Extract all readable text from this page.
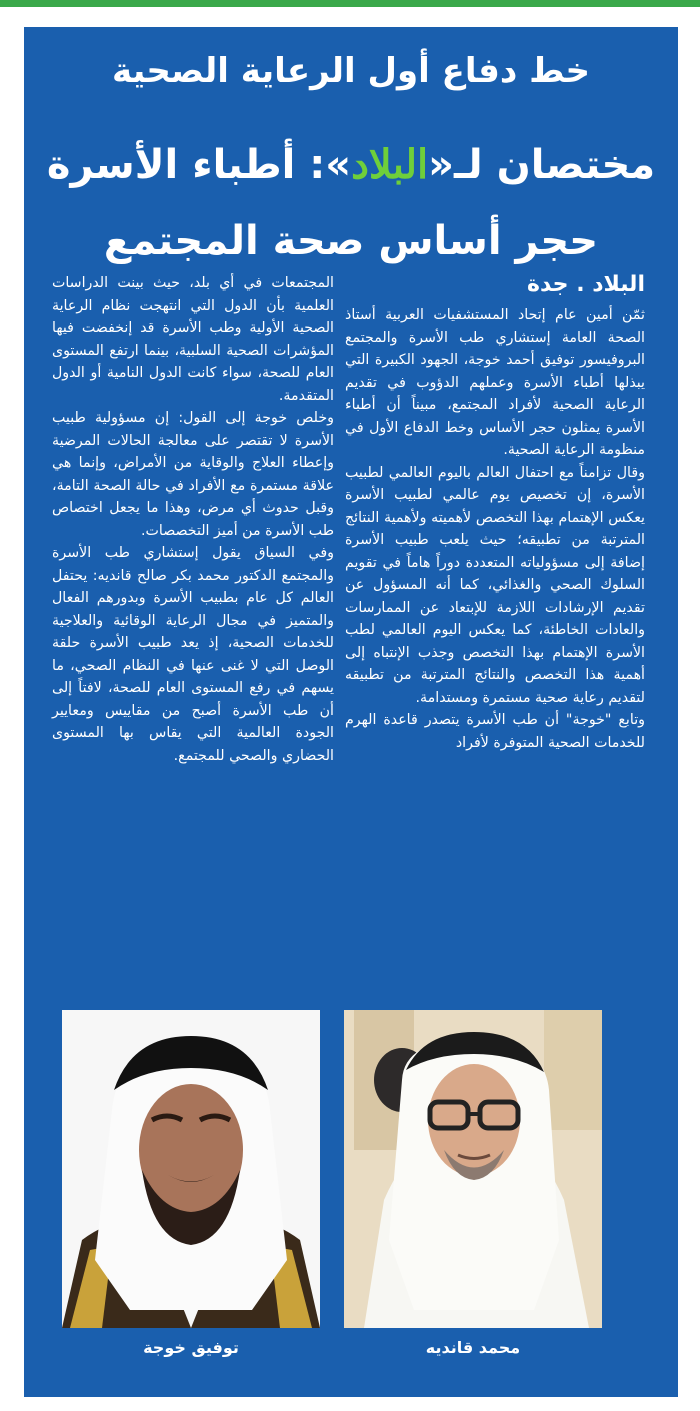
خط دفاع أول الرعاية الصحية
مختصان لـ«البلاد»: أطباء الأسرة
حجر أساس صحة المجتمع
البلاد . جدة

ثمّن أمين عام إتحاد المستشفيات العربية أستاذ الصحة العامة إستشاري طب الأسرة والمجتمع البروفيسور توفيق أحمد خوجة، الجهود الكبيرة التي يبذلها أطباء الأسرة وعملهم الدؤوب في تقديم الرعاية الصحية لأفراد المجتمع، مبيناً أن أطباء الأسرة يمثلون حجر الأساس وخط الدفاع الأول في منظومة الرعاية الصحية.

وقال تزامناً مع احتفال العالم باليوم العالمي لطبيب الأسرة، إن تخصيص يوم عالمي لطبيب الأسرة يعكس الإهتمام بهذا التخصص لأهميته ولأهمية النتائج المترتبة من تطبيقه؛ حيث يلعب طبيب الأسرة إضافة إلى مسؤولياته المتعددة دوراً هاماً في تقويم السلوك الصحي والغذائي، كما أنه المسؤول عن تقديم الإرشادات اللازمة للإبتعاد عن الممارسات والعادات الخاطئة، كما يعكس اليوم العالمي لطب الأسرة الإهتمام بهذا التخصص وجذب الإنتباه إلى أهمية هذا التخصص والنتائج المترتبة من تطبيقه لتقديم رعاية صحية مستمرة ومستدامة.

وتابع "خوجة" أن طب الأسرة يتصدر قاعدة الهرم للخدمات الصحية المتوفرة لأفراد

المجتمعات في أي بلد، حيث بينت الدراسات العلمية بأن الدول التي انتهجت نظام الرعاية الصحية الأولية وطب الأسرة قد إنخفضت فيها المؤشرات الصحية السلبية، بينما ارتفع المستوى العام للصحة، سواء كانت الدول النامية أو الدول المتقدمة.

وخلص خوجة إلى القول: إن مسؤولية طبيب الأسرة لا تقتصر على معالجة الحالات المرضية وإعطاء العلاج والوقاية من الأمراض، وإنما هي علاقة مستمرة مع الأفراد في حالة الصحة التامة، وقبل حدوث أي مرض، وهذا ما يجعل اختصاص طب الأسرة من أميز التخصصات.

وفي السياق يقول إستشاري طب الأسرة والمجتمع الدكتور محمد بكر صالح قانديه: يحتفل العالم كل عام بطبيب الأسرة وبدورهم الفعال والمتميز في مجال الرعاية الوقائية والعلاجية للخدمات الصحية، إذ يعد طبيب الأسرة حلقة الوصل التي لا غنى عنها في النظام الصحي، ما يسهم في رفع المستوى العام للصحة، لافتاً إلى أن طب الأسرة أصبح من مقاييس ومعايير الجودة العالمية التي يقاس بها المستوى الحضاري والصحي للمجتمع.

محمد قانديه
توفيق خوجة
